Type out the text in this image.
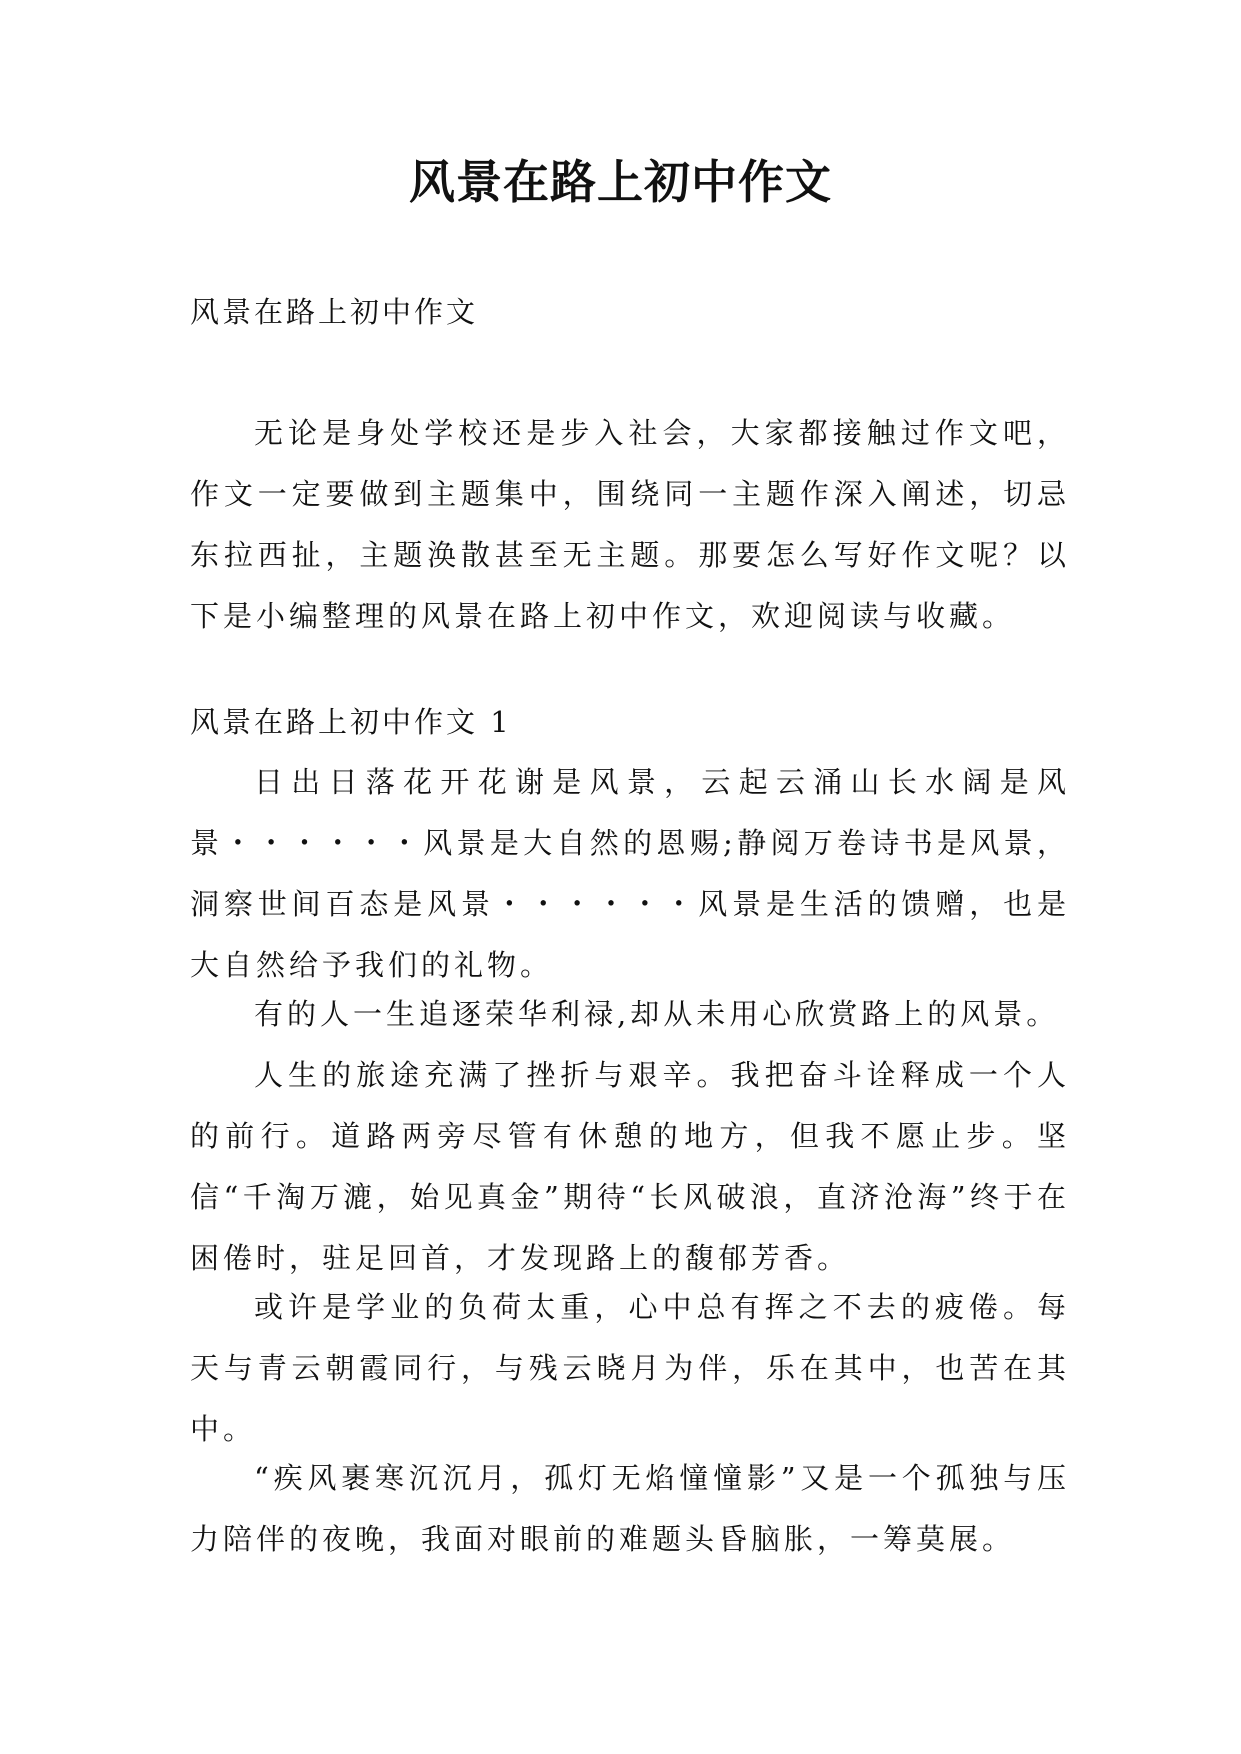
风景在路上初中作文
风景在路上初中作文

无论是身处学校还是步入社会，大家都接触过作文吧，作文一定要做到主题集中，围绕同一主题作深入阐述，切忌东拉西扯，主题涣散甚至无主题。那要怎么写好作文呢？以下是小编整理的风景在路上初中作文，欢迎阅读与收藏。

风景在路上初中作文 1

日出日落花开花谢是风景，云起云涌山长水阔是风景・・・・・・风景是大自然的恩赐;静阅万卷诗书是风景，洞察世间百态是风景・・・・・・风景是生活的馈赠，也是大自然给予我们的礼物。

有的人一生追逐荣华利禄,却从未用心欣赏路上的风景。

人生的旅途充满了挫折与艰辛。我把奋斗诠释成一个人的前行。道路两旁尽管有休憩的地方，但我不愿止步。坚信“千淘万漉，始见真金”期待“长风破浪，直济沧海”终于在困倦时，驻足回首，才发现路上的馥郁芳香。

或许是学业的负荷太重，心中总有挥之不去的疲倦。每天与青云朝霞同行，与残云晓月为伴，乐在其中，也苦在其中。

“疾风裹寒沉沉月，孤灯无焰憧憧影”又是一个孤独与压力陪伴的夜晚，我面对眼前的难题头昏脑胀，一筹莫展。
